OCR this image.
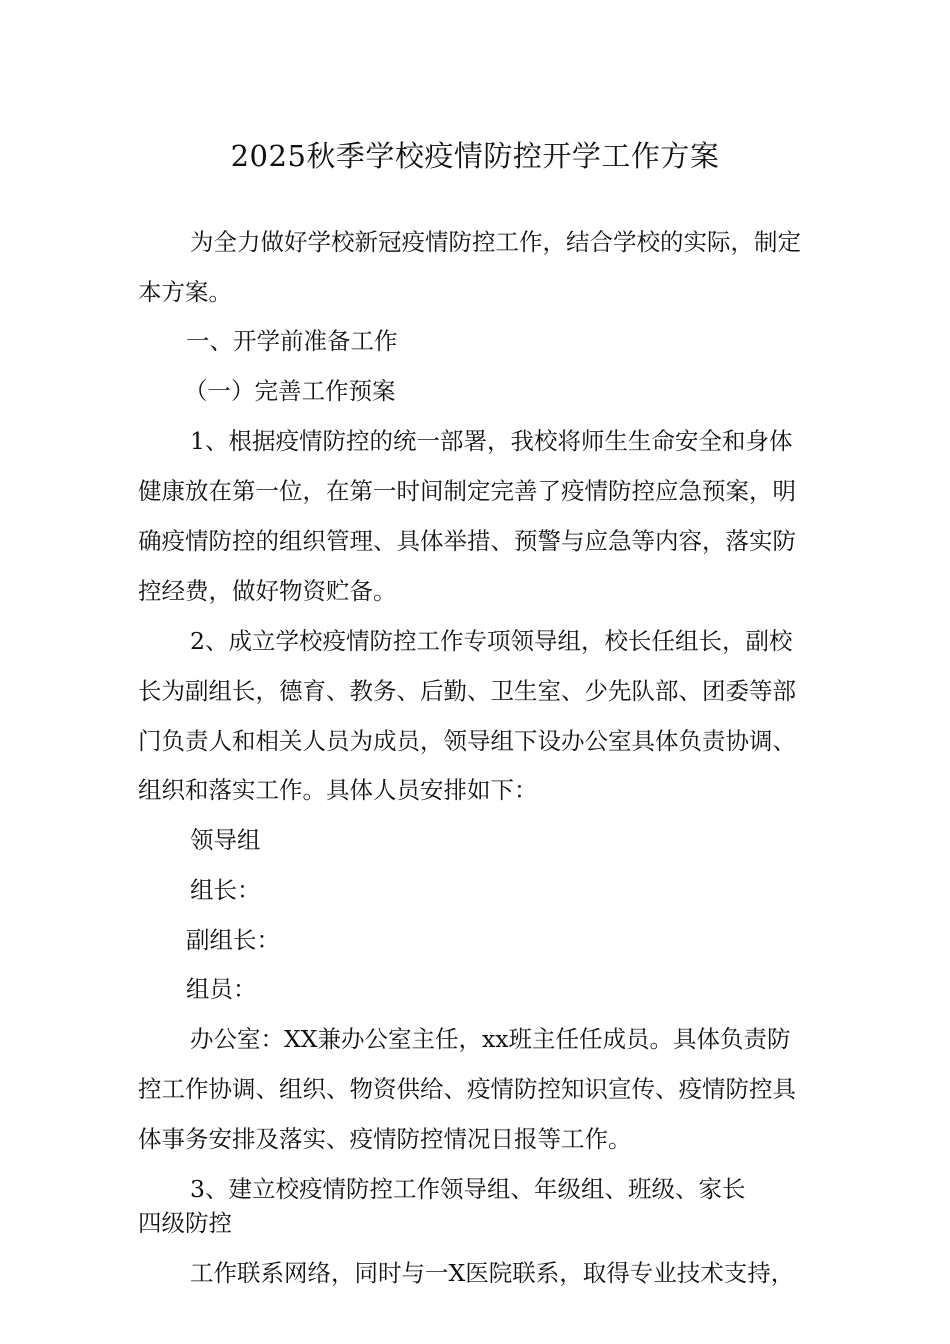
2025秋季学校疫情防控开学工作方案
为全力做好学校新冠疫情防控工作，结合学校的实际，制定
本方案。
一、开学前准备工作
（一）完善工作预案
1、根据疫情防控的统一部署，我校将师生生命安全和身体
健康放在第一位，在第一时间制定完善了疫情防控应急预案，明
确疫情防控的组织管理、具体举措、预警与应急等内容，落实防
控经费，做好物资贮备。
2、成立学校疫情防控工作专项领导组，校长任组长，副校
长为副组长，德育、教务、后勤、卫生室、少先队部、团委等部
门负责人和相关人员为成员，领导组下设办公室具体负责协调、
组织和落实工作。具体人员安排如下：
领导组
组长：
副组长：
组员：
办公室：XX兼办公室主任，xx班主任任成员。具体负责防
控工作协调、组织、物资供给、疫情防控知识宣传、疫情防控具
体事务安排及落实、疫情防控情况日报等工作。
3、建立校疫情防控工作领导组、年级组、班级、家长
四级防控
工作联系网络，同时与一X医院联系，取得专业技术支持，
